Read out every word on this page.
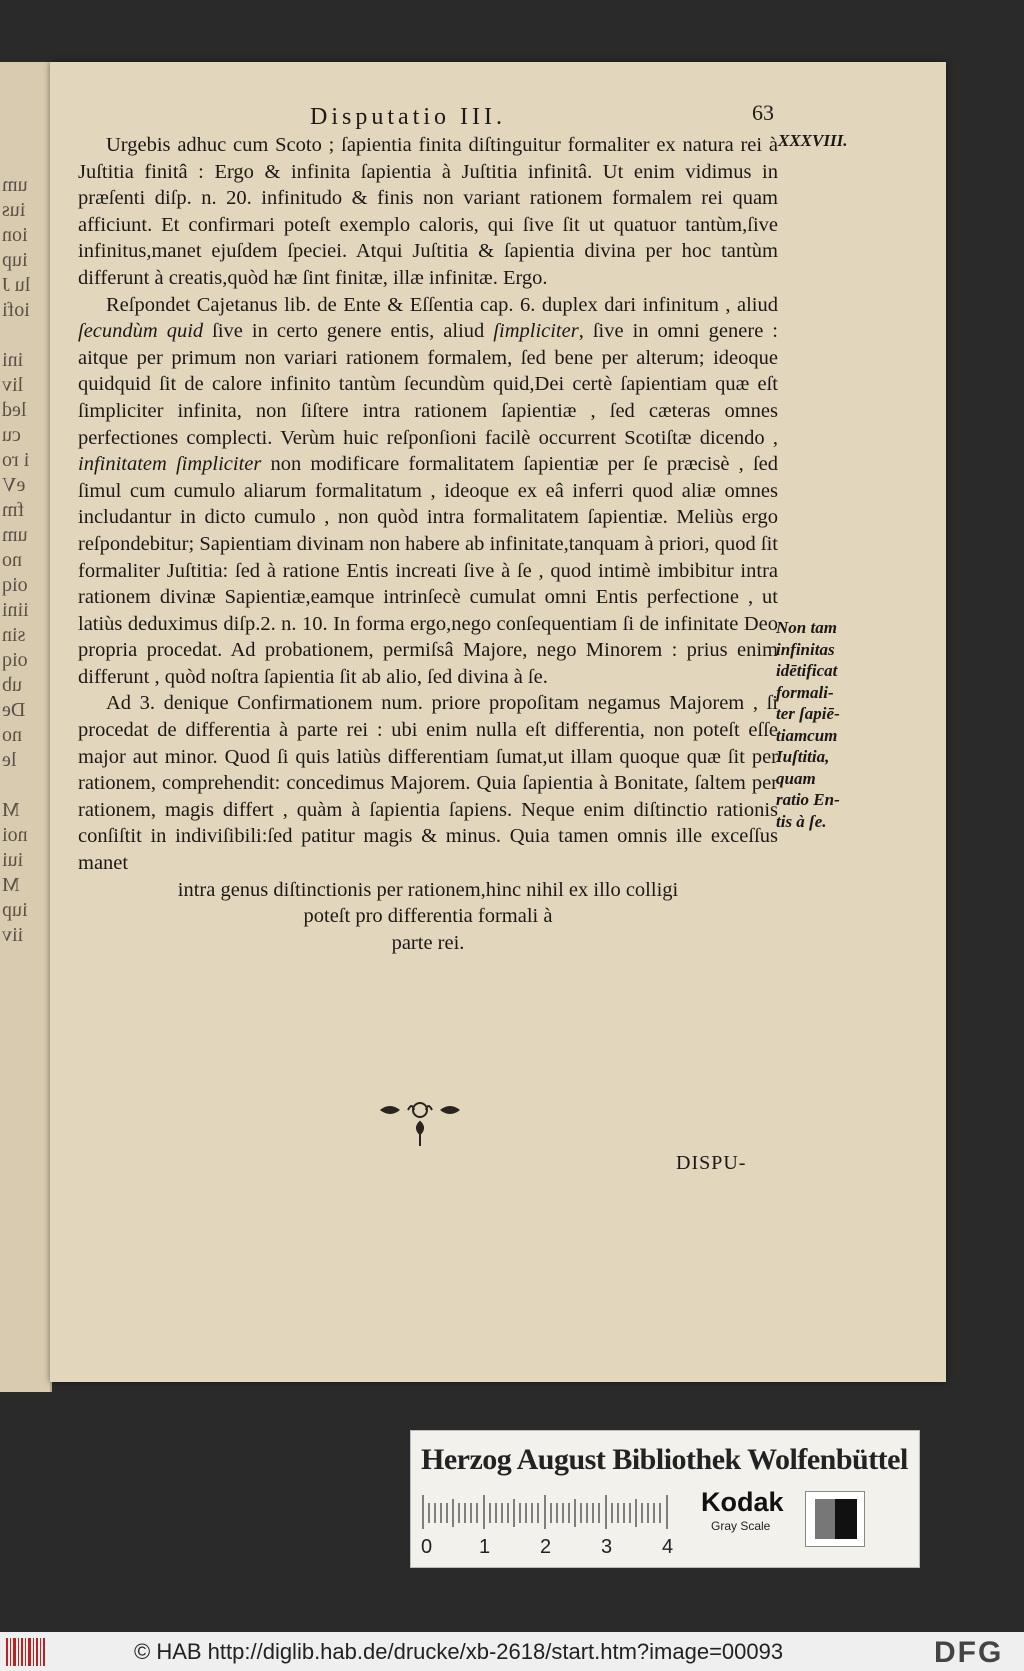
um
ius
ion
iup
lu J
iofi
ini
liv
led
cu
i ro
eV
fm
um
no
oiq
iini
sin
oiq
ub
De
no
le
M
noi
iui
M
iup
iiv
Disputatio III.	63

Urgebis adhuc cum Scoto ; ſapientia finita diſtinguitur formaliter ex natura rei à Juſtitia finitâ : Ergo & infinita ſapientia à Juſtitia infinitâ. Ut enim vidimus in præſenti diſp. n. 20. infinitudo & finis non variant rationem formalem rei quam afficiunt. Et confirmari poteſt exemplo caloris, qui ſive ſit ut quatuor tantùm,ſive infinitus,manet ejuſdem ſpeciei. Atqui Juſtitia & ſapientia divina per hoc tantùm differunt à creatis,quòd hæ ſint finitæ, illæ infinitæ. Ergo.

Reſpondet Cajetanus lib. de Ente & Eſſentia cap. 6. duplex dari infinitum , aliud ſecundùm quid ſive in certo genere entis, aliud ſimpliciter, ſive in omni genere : aitque per primum non variari rationem formalem, ſed bene per alterum; ideoque quidquid ſit de calore infinito tantùm ſecundùm quid,Dei certè ſapientiam quæ eſt ſimpliciter infinita, non ſiſtere intra rationem ſapientiæ , ſed cæteras omnes perfectiones complecti. Verùm huic reſponſioni facilè occurrent Scotiſtæ dicendo , infinitatem ſimpliciter non modificare formalitatem ſapientiæ per ſe præcisè , ſed ſimul cum cumulo aliarum formalitatum , ideoque ex eâ inferri quod aliæ omnes includantur in dicto cumulo , non quòd intra formalitatem ſapientiæ. Meliùs ergo reſpondebitur; Sapientiam divinam non habere ab infinitate,tanquam à priori, quod ſit formaliter Juſtitia: ſed à ratione Entis increati ſive à ſe , quod intimè imbibitur intra rationem divinæ Sapientiæ,eamque intrinſecè cumulat omni Entis perfectione , ut latiùs deduximus diſp.2. n. 10. In forma ergo,nego conſequentiam ſi de infinitate Deo propria procedat. Ad probationem, permiſsâ Majore, nego Minorem : prius enim differunt , quòd noſtra ſapientia ſit ab alio, ſed divina à ſe.

Ad 3. denique Confirmationem num. priore propoſitam negamus Majorem , ſi procedat de differentia à parte rei : ubi enim nulla eſt differentia, non poteſt eſſe major aut minor. Quod ſi quis latiùs differentiam ſumat,ut illam quoque quæ ſit per rationem, comprehendit: concedimus Majorem. Quia ſapientia à Bonitate, ſaltem per rationem, magis differt , quàm à ſapientia ſapiens. Neque enim diſtinctio rationis conſiſtit in indiviſibili:ſed patitur magis & minus. Quia tamen omnis ille exceſſus manet

intra genus diſtinctionis per rationem,hinc nihil ex illo colligi

poteſt pro differentia formali à

parte rei.

XXXVIII.
Non tam
infinitas
idētificat
formali-
ter ſapiē-
tiamcum
Iuſtitia,
quam
ratio En-
tis à ſe.
DISPU-
Herzog August Bibliothek Wolfenbüttel
0 1 2 3 4
Kodak
Gray Scale
© HAB http://diglib.hab.de/drucke/xb-2618/start.htm?image=00093	DFG
